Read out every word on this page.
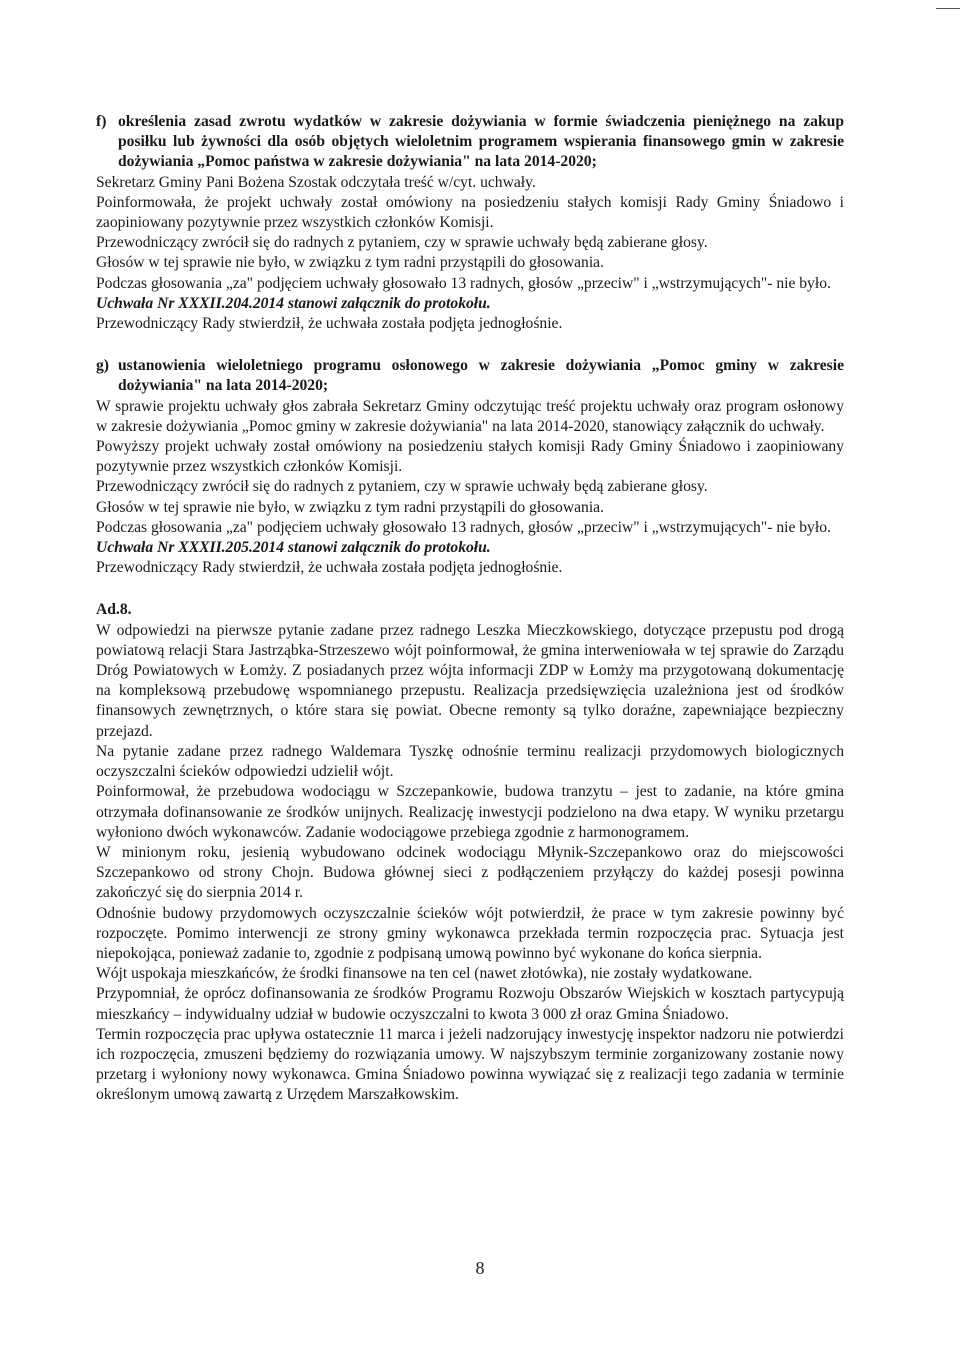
f) określenia zasad zwrotu wydatków w zakresie dożywiania w formie świadczenia pieniężnego na zakup posiłku lub żywności dla osób objętych wieloletnim programem wspierania finansowego gmin w zakresie dożywiania „Pomoc państwa w zakresie dożywiania" na lata 2014-2020;

Sekretarz Gminy Pani Bożena Szostak odczytała treść w/cyt. uchwały.

Poinformowała, że projekt uchwały został omówiony na posiedzeniu stałych komisji Rady Gminy Śniadowo i zaopiniowany pozytywnie przez wszystkich członków Komisji.

Przewodniczący zwrócił się do radnych z pytaniem, czy w sprawie uchwały będą zabierane głosy.

Głosów w tej sprawie nie było, w związku z tym radni przystąpili do głosowania.

Podczas głosowania „za" podjęciem uchwały głosowało 13 radnych, głosów „przeciw" i „wstrzymujących"- nie było.

Uchwała Nr XXXII.204.2014 stanowi załącznik do protokołu.

Przewodniczący Rady stwierdził, że uchwała została podjęta jednogłośnie.

g) ustanowienia wieloletniego programu osłonowego w zakresie dożywiania „Pomoc gminy w zakresie dożywiania" na lata 2014-2020;

W sprawie projektu uchwały głos zabrała Sekretarz Gminy odczytując treść projektu uchwały oraz program osłonowy w zakresie dożywiania „Pomoc gminy w zakresie dożywiania" na lata 2014-2020, stanowiący załącznik do uchwały.

Powyższy projekt uchwały został omówiony na posiedzeniu stałych komisji Rady Gminy Śniadowo i zaopiniowany pozytywnie przez wszystkich członków Komisji.

Przewodniczący zwrócił się do radnych z pytaniem, czy w sprawie uchwały będą zabierane głosy.

Głosów w tej sprawie nie było, w związku z tym radni przystąpili do głosowania.

Podczas głosowania „za" podjęciem uchwały głosowało 13 radnych, głosów „przeciw" i „wstrzymujących"- nie było.

Uchwała Nr XXXII.205.2014 stanowi załącznik do protokołu.

Przewodniczący Rady stwierdził, że uchwała została podjęta jednogłośnie.

Ad.8.

W odpowiedzi na pierwsze pytanie zadane przez radnego Leszka Mieczkowskiego, dotyczące przepustu pod drogą powiatową relacji Stara Jastrząbka-Strzeszewo wójt poinformował, że gmina interweniowała w tej sprawie do Zarządu Dróg Powiatowych w Łomży. Z posiadanych przez wójta informacji ZDP w Łomży ma przygotowaną dokumentację na kompleksową przebudowę wspomnianego przepustu. Realizacja przedsięwzięcia uzależniona jest od środków finansowych zewnętrznych, o które stara się powiat. Obecne remonty są tylko doraźne, zapewniające bezpieczny przejazd.

Na pytanie zadane przez radnego Waldemara Tyszkę odnośnie terminu realizacji przydomowych biologicznych oczyszczalni ścieków odpowiedzi udzielił wójt.

Poinformował, że przebudowa wodociągu w Szczepankowie, budowa tranzytu – jest to zadanie, na które gmina otrzymała dofinansowanie ze środków unijnych. Realizację inwestycji podzielono na dwa etapy. W wyniku przetargu wyłoniono dwóch wykonawców. Zadanie wodociągowe przebiega zgodnie z harmonogramem.

W minionym roku, jesienią wybudowano odcinek wodociągu Młynik-Szczepankowo oraz do miejscowości Szczepankowo od strony Chojn. Budowa głównej sieci z podłączeniem przyłączy do każdej posesji powinna zakończyć się do sierpnia 2014 r.

Odnośnie budowy przydomowych oczyszczalnie ścieków wójt potwierdził, że prace w tym zakresie powinny być rozpoczęte. Pomimo interwencji ze strony gminy wykonawca przekłada termin rozpoczęcia prac. Sytuacja jest niepokojąca, ponieważ zadanie to, zgodnie z podpisaną umową powinno być wykonane do końca sierpnia.

Wójt uspokaja mieszkańców, że środki finansowe na ten cel (nawet złotówka), nie zostały wydatkowane.

Przypomniał, że oprócz dofinansowania ze środków Programu Rozwoju Obszarów Wiejskich w kosztach partycypują mieszkańcy – indywidualny udział w budowie oczyszczalni to kwota 3 000 zł oraz Gmina Śniadowo.

Termin rozpoczęcia prac upływa ostatecznie 11 marca i jeżeli nadzorujący inwestycję inspektor nadzoru nie potwierdzi ich rozpoczęcia, zmuszeni będziemy do rozwiązania umowy. W najszybszym terminie zorganizowany zostanie nowy przetarg i wyłoniony nowy wykonawca. Gmina Śniadowo powinna wywiązać się z realizacji tego zadania w terminie określonym umową zawartą z Urzędem Marszałkowskim.

8
